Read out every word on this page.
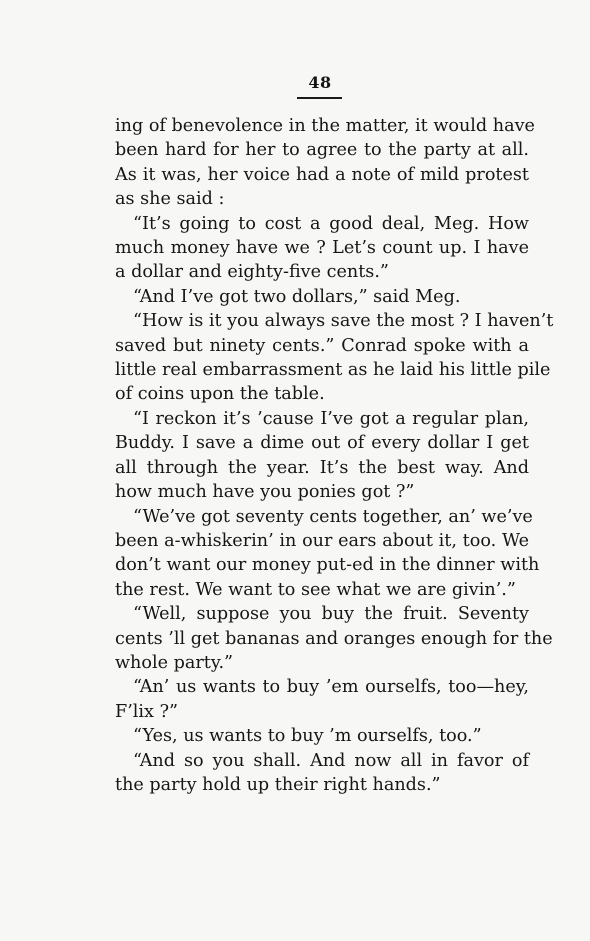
48
ing of benevolence in the matter, it would have
been hard for her to agree to the party at all.
As it was, her voice had a note of mild protest
as she said :
“It’s going to cost a good deal, Meg. How
much money have we ? Let’s count up. I have
a dollar and eighty-five cents.”
“And I’ve got two dollars,” said Meg.
“How is it you always save the most ? I haven’t
saved but ninety cents.” Conrad spoke with a
little real embarrassment as he laid his little pile
of coins upon the table.
“I reckon it’s ’cause I’ve got a regular plan,
Buddy. I save a dime out of every dollar I get
all through the year. It’s the best way. And
how much have you ponies got ?”
“We’ve got seventy cents together, an’ we’ve
been a-whiskerin’ in our ears about it, too. We
don’t want our money put-ed in the dinner with
the rest. We want to see what we are givin’.”
“Well, suppose you buy the fruit. Seventy
cents ’ll get bananas and oranges enough for the
whole party.”
“An’ us wants to buy ’em ourselfs, too—hey,
F’lix ?”
“Yes, us wants to buy ’m ourselfs, too.”
“And so you shall. And now all in favor of
the party hold up their right hands.”
